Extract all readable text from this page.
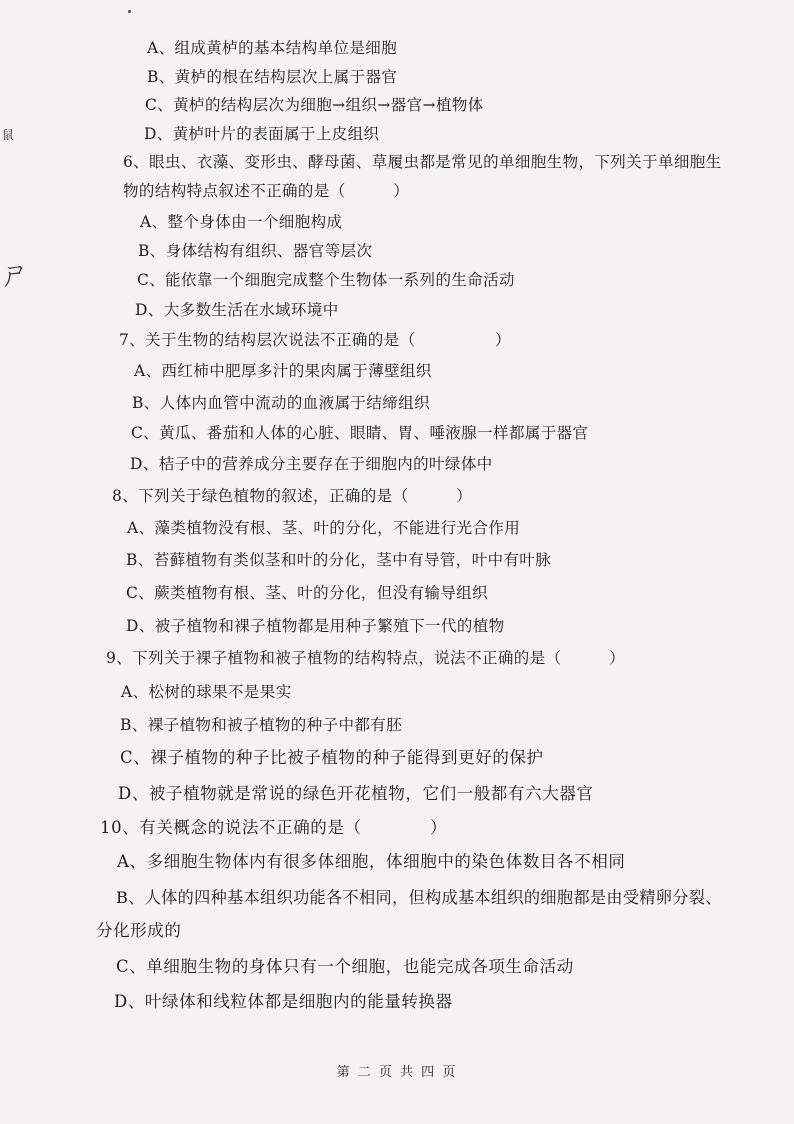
鼠
ㄕ
A、组成黄栌的基本结构单位是细胞
B、黄栌的根在结构层次上属于器官
C、黄栌的结构层次为细胞→组织→器官→植物体
D、黄栌叶片的表面属于上皮组织
6、眼虫、衣藻、变形虫、酵母菌、草履虫都是常见的单细胞生物，下列关于单细胞生
物的结构特点叙述不正确的是（　　　）
A、整个身体由一个细胞构成
B、身体结构有组织、器官等层次
C、能依靠一个细胞完成整个生物体一系列的生命活动
D、大多数生活在水域环境中
7、关于生物的结构层次说法不正确的是（　　　　　）
A、西红柿中肥厚多汁的果肉属于薄壁组织
B、人体内血管中流动的血液属于结缔组织
C、黄瓜、番茄和人体的心脏、眼睛、胃、唾液腺一样都属于器官
D、桔子中的营养成分主要存在于细胞内的叶绿体中
8、下列关于绿色植物的叙述，正确的是（　　　）
A、藻类植物没有根、茎、叶的分化，不能进行光合作用
B、苔藓植物有类似茎和叶的分化，茎中有导管，叶中有叶脉
C、蕨类植物有根、茎、叶的分化，但没有输导组织
D、被子植物和裸子植物都是用种子繁殖下一代的植物
9、下列关于裸子植物和被子植物的结构特点，说法不正确的是（　　　）
A、松树的球果不是果实
B、裸子植物和被子植物的种子中都有胚
C、裸子植物的种子比被子植物的种子能得到更好的保护
D、被子植物就是常说的绿色开花植物，它们一般都有六大器官
10、有关概念的说法不正确的是（　　　　）
A、多细胞生物体内有很多体细胞，体细胞中的染色体数目各不相同
B、人体的四种基本组织功能各不相同，但构成基本组织的细胞都是由受精卵分裂、
分化形成的
C、单细胞生物的身体只有一个细胞，也能完成各项生命活动
D、叶绿体和线粒体都是细胞内的能量转换器
第 二 页 共 四 页
